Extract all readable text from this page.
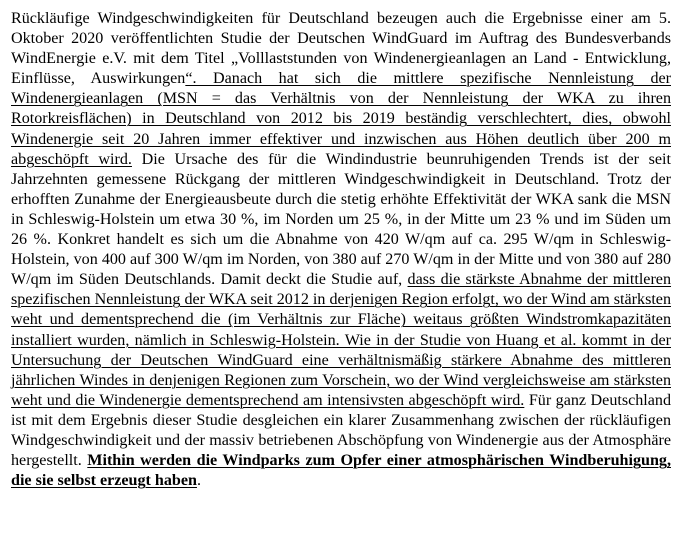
Rückläufige Windgeschwindigkeiten für Deutschland bezeugen auch die Ergebnisse einer am 5. Oktober 2020 veröffentlichten Studie der Deutschen WindGuard im Auftrag des Bundesverbands WindEnergie e.V. mit dem Titel „Volllaststunden von Windenergieanlagen an Land - Entwicklung, Einflüsse, Auswirkungen“. Danach hat sich die mittlere spezifische Nennleistung der Windenergieanlagen (MSN = das Verhältnis von der Nennleistung der WKA zu ihren Rotorkreisflächen) in Deutschland von 2012 bis 2019 beständig verschlechtert, dies, obwohl Windenergie seit 20 Jahren immer effektiver und inzwischen aus Höhen deutlich über 200 m abgeschöpft wird. Die Ursache des für die Windindustrie beunruhigenden Trends ist der seit Jahrzehnten gemessene Rückgang der mittleren Windgeschwindigkeit in Deutschland. Trotz der erhofften Zunahme der Energieausbeute durch die stetig erhöhte Effektivität der WKA sank die MSN in Schleswig-Holstein um etwa 30 %, im Norden um 25 %, in der Mitte um 23 % und im Süden um 26 %. Konkret handelt es sich um die Abnahme von 420 W/qm auf ca. 295 W/qm in Schleswig-Holstein, von 400 auf 300 W/qm im Norden, von 380 auf 270 W/qm in der Mitte und von 380 auf 280 W/qm im Süden Deutschlands. Damit deckt die Studie auf, dass die stärkste Abnahme der mittleren spezifischen Nennleistung der WKA seit 2012 in derjenigen Region erfolgt, wo der Wind am stärksten weht und dementsprechend die (im Verhältnis zur Fläche) weitaus größten Windstromkapazitäten installiert wurden, nämlich in Schleswig-Holstein. Wie in der Studie von Huang et al. kommt in der Untersuchung der Deutschen WindGuard eine verhältnismäßig stärkere Abnahme des mittleren jährlichen Windes in denjenigen Regionen zum Vorschein, wo der Wind vergleichsweise am stärksten weht und die Windenergie dementsprechend am intensivsten abgeschöpft wird. Für ganz Deutschland ist mit dem Ergebnis dieser Studie desgleichen ein klarer Zusammenhang zwischen der rückläufigen Windgeschwindigkeit und der massiv betriebenen Abschöpfung von Windenergie aus der Atmosphäre hergestellt. Mithin werden die Windparks zum Opfer einer atmosphärischen Windberuhigung, die sie selbst erzeugt haben.
